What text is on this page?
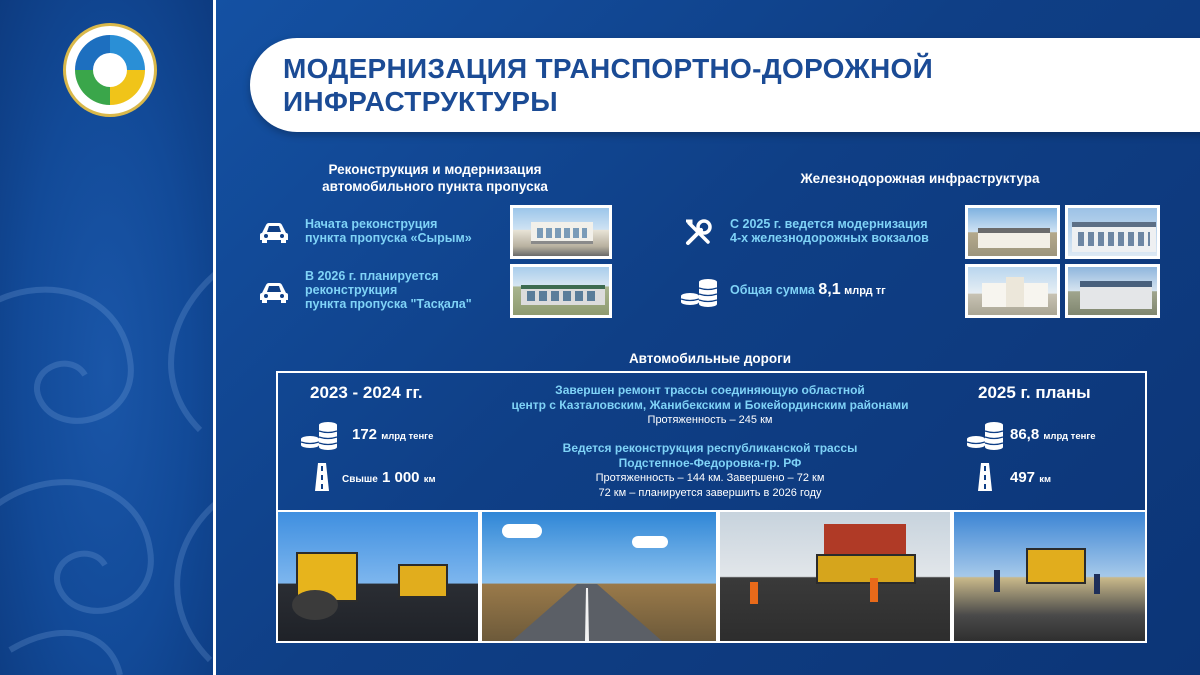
МОДЕРНИЗАЦИЯ ТРАНСПОРТНО-ДОРОЖНОЙ
ИНФРАСТРУКТУРЫ
Реконструкция и модернизация
автомобильного пункта пропуска
Начата реконструция
пункта пропуска «Сырым»
В 2026 г. планируется
реконструкция
пункта пропуска "Тасқала"
Железнодорожная инфраструктура
С 2025 г. ведется модернизация
4-х железнодорожных вокзалов
Общая сумма 8,1 млрд тг
Автомобильные дороги
2023 - 2024 гг.
172 млрд тенге
Свыше 1 000 км
Завершен ремонт трассы соединяющую областной
центр с Казталовским, Жанибекским и Бокейординским районами
Протяженность – 245 км
Ведется реконструкция республиканской трассы
Подстепное-Федоровка-гр. РФ
Протяженность – 144 км. Завершено – 72 км
72 км – планируется завершить в 2026 году
2025 г. планы
86,8 млрд тенге
497 км
